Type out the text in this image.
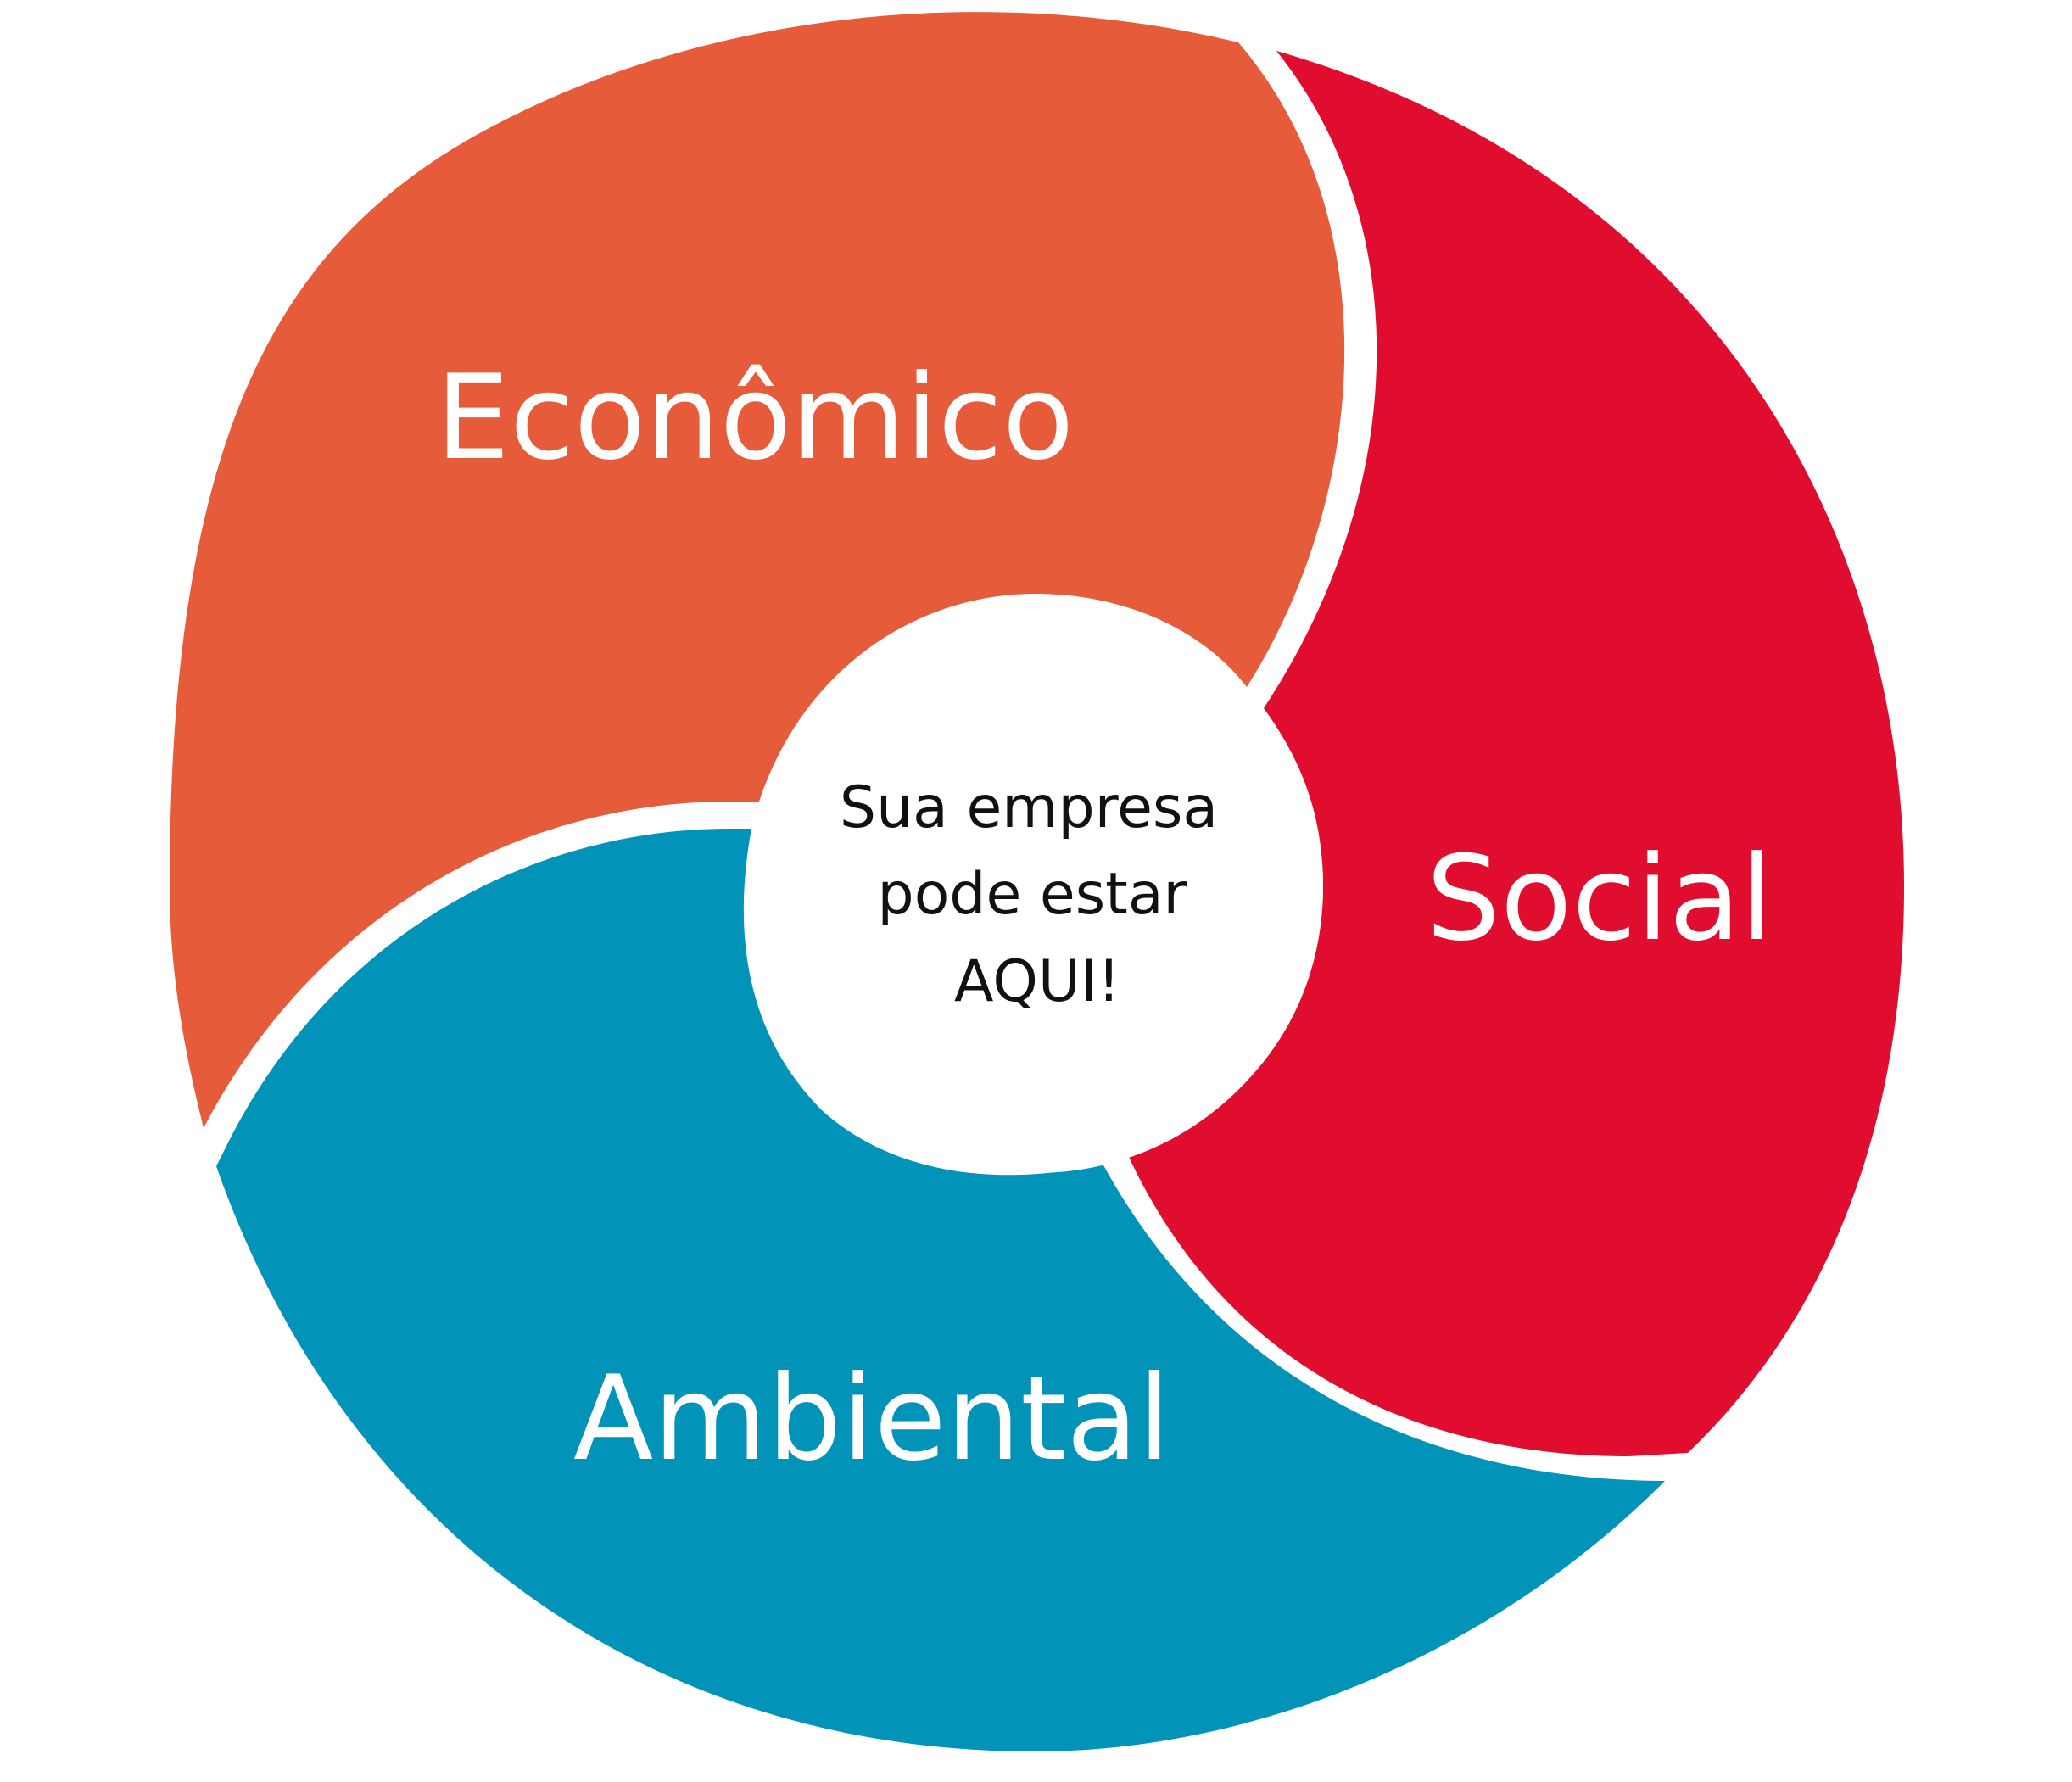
Econômico
Social
Ambiental
Sua empresa
pode estar
AQUI!
